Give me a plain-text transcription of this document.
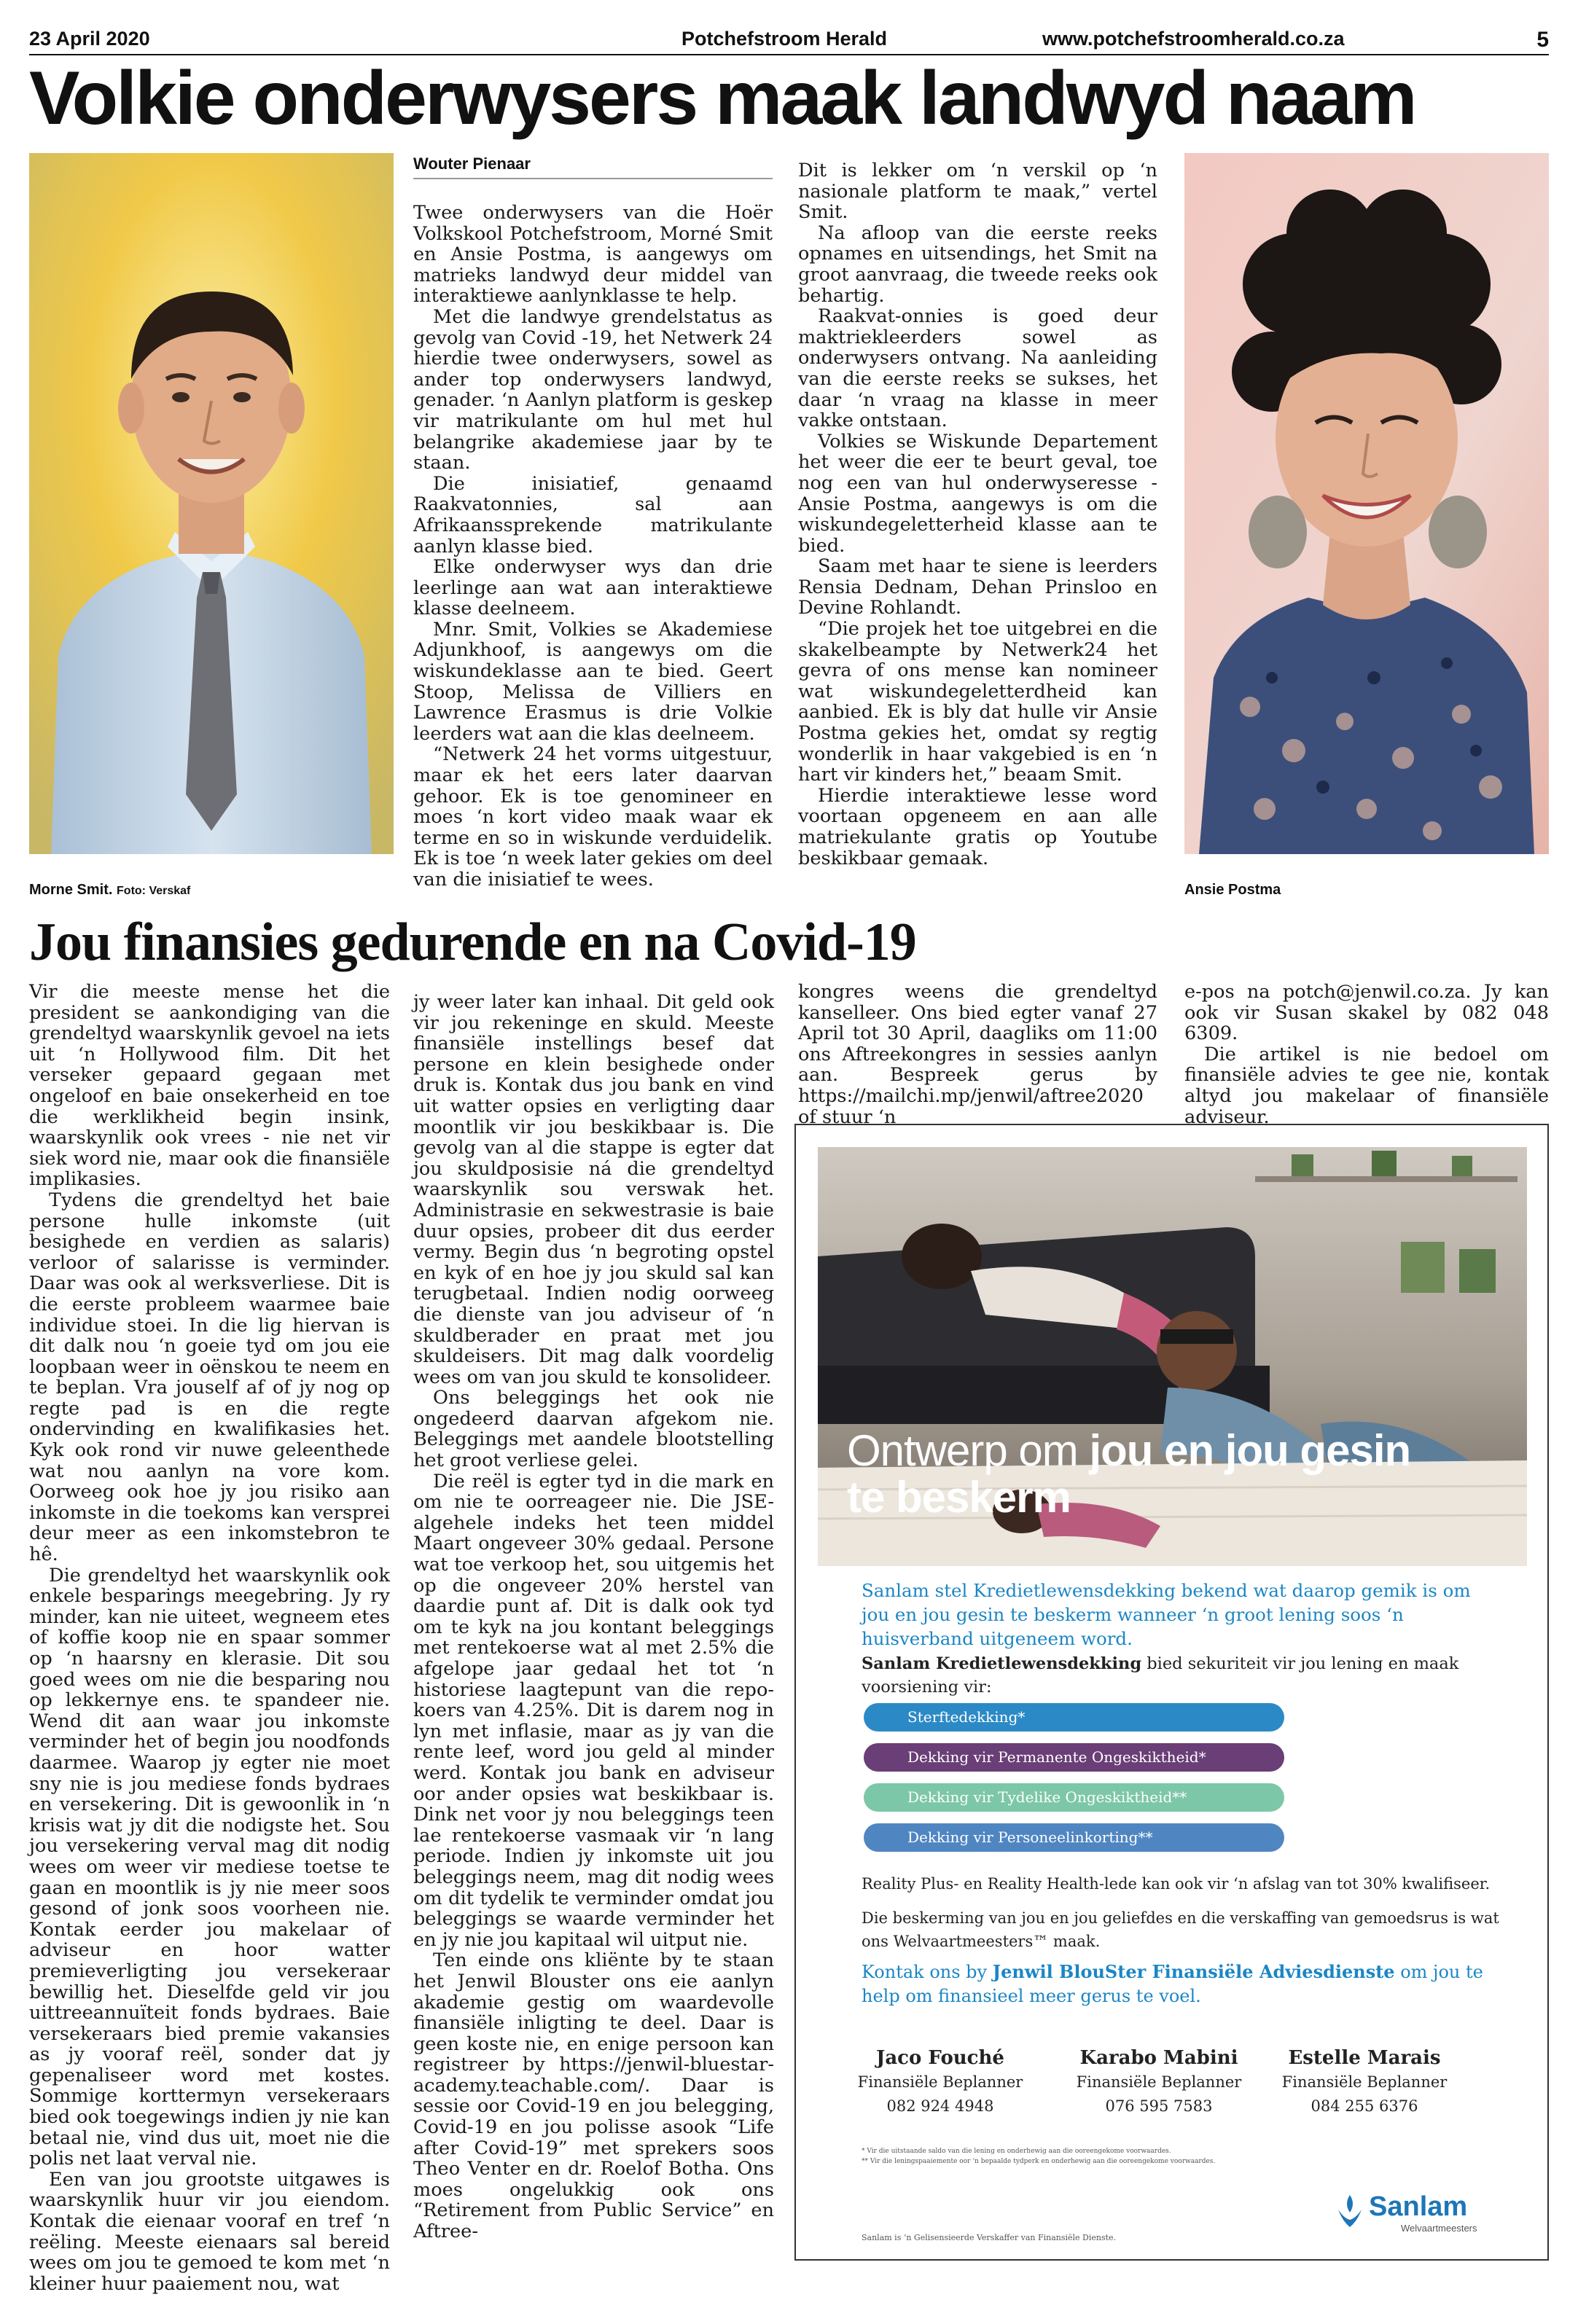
23 April 2020	Potchefstroom Herald	www.potchefstroomherald.co.za	5
Volkie onderwysers maak landwyd naam
Morne Smit. Foto: Verskaf
Wouter Pienaar

Twee onderwysers van die Hoër Volkskool Potchefstroom, Morné Smit en Ansie Postma, is aangewys om matrieks landwyd deur middel van interaktiewe aanlynklasse te help.

Met die landwye grendelstatus as gevolg van Covid -19, het Netwerk 24 hierdie twee onderwysers, sowel as ander top onderwysers landwyd, genader. ‘n Aanlyn platform is geskep vir matrikulante om hul met hul belangrike akademiese jaar by te staan.

Die inisiatief, genaamd Raakvatonnies, sal aan Afrikaanssprekende matrikulante aanlyn klasse bied.

Elke onderwyser wys dan drie leerlinge aan wat aan interaktiewe klasse deelneem.

Mnr. Smit, Volkies se Akademiese Adjunkhoof, is aangewys om die wiskundeklasse aan te bied. Geert Stoop, Melissa de Villiers en Lawrence Erasmus is drie Volkie leerders wat aan die klas deelneem.

“Netwerk 24 het vorms uitgestuur, maar ek het eers later daarvan gehoor. Ek is toe genomineer en moes ‘n kort video maak waar ek terme en so in wiskunde verduidelik. Ek is toe ‘n week later gekies om deel van die inisiatief te wees.

Dit is lekker om ‘n verskil op ‘n nasionale platform te maak,” vertel Smit.

Na afloop van die eerste reeks opnames en uitsendings, het Smit na groot aanvraag, die tweede reeks ook behartig.

Raakvat-onnies is goed deur maktriekleerders sowel as onderwysers ontvang. Na aanleiding van die eerste reeks se sukses, het daar ‘n vraag na klasse in meer vakke ontstaan.

Volkies se Wiskunde Departement het weer die eer te beurt geval, toe nog een van hul onderwyseresse - Ansie Postma, aangewys is om die wiskundegeletterheid klasse aan te bied.

Saam met haar te siene is leerders Rensia Dednam, Dehan Prinsloo en Devine Rohlandt.

“Die projek het toe uitgebrei en die skakelbeampte by Netwerk24 het gevra of ons mense kan nomineer wat wiskundegeletterdheid kan aanbied. Ek is bly dat hulle vir Ansie Postma gekies het, omdat sy regtig wonderlik in haar vakgebied is en ‘n hart vir kinders het,” beaam Smit.

Hierdie interaktiewe lesse word voortaan opgeneem en aan alle matriekulante gratis op Youtube beskikbaar gemaak.

Ansie Postma
Jou finansies gedurende en na Covid-19

Vir die meeste mense het die president se aankondiging van die grendeltyd waarskynlik gevoel na iets uit ‘n Hollywood film. Dit het verseker gepaard gegaan met ongeloof en baie onsekerheid en toe die werklikheid begin insink, waarskynlik ook vrees - nie net vir siek word nie, maar ook die finansiële implikasies.

Tydens die grendeltyd het baie persone hulle inkomste (uit besighede en verdien as salaris) verloor of salarisse is verminder. Daar was ook al werksverliese. Dit is die eerste probleem waarmee baie individue stoei. In die lig hiervan is dit dalk nou ‘n goeie tyd om jou eie loopbaan weer in oënskou te neem en te beplan. Vra jouself af of jy nog op regte pad is en die regte ondervinding en kwalifikasies het. Kyk ook rond vir nuwe geleenthede wat nou aanlyn na vore kom. Oorweeg ook hoe jy jou risiko aan inkomste in die toekoms kan versprei deur meer as een inkomstebron te hê.

Die grendeltyd het waarskynlik ook enkele besparings meegebring. Jy ry minder, kan nie uiteet, wegneem etes of koffie koop nie en spaar sommer op ‘n haarsny en klerasie. Dit sou goed wees om nie die besparing nou op lekkernye ens. te spandeer nie. Wend dit aan waar jou inkomste verminder het of begin jou noodfonds daarmee. Waarop jy egter nie moet sny nie is jou mediese fonds bydraes en versekering. Dit is gewoonlik in ‘n krisis wat jy dit die nodigste het. Sou jou versekering verval mag dit nodig wees om weer vir mediese toetse te gaan en moontlik is jy nie meer soos gesond of jonk soos voorheen nie. Kontak eerder jou makelaar of adviseur en hoor watter premieverligting jou versekeraar bewillig het. Dieselfde geld vir jou uittreeannuïteit fonds bydraes. Baie versekeraars bied premie vakansies as jy vooraf reël, sonder dat jy gepenaliseer word met kostes. Sommige korttermyn versekeraars bied ook toegewings indien jy nie kan betaal nie, vind dus uit, moet nie die polis net laat verval nie.

Een van jou grootste uitgawes is waarskynlik huur vir jou eiendom. Kontak die eienaar vooraf en tref ‘n reëling. Meeste eienaars sal bereid wees om jou te gemoed te kom met ‘n kleiner huur paaiement nou, wat

jy weer later kan inhaal. Dit geld ook vir jou rekeninge en skuld. Meeste finansiële instellings besef dat persone en klein besighede onder druk is. Kontak dus jou bank en vind uit watter opsies en verligting daar moontlik vir jou beskikbaar is. Die gevolg van al die stappe is egter dat jou skuldposisie ná die grendeltyd waarskynlik sou verswak het. Administrasie en sekwestrasie is baie duur opsies, probeer dit dus eerder vermy. Begin dus ‘n begroting opstel en kyk of en hoe jy jou skuld sal kan terugbetaal. Indien nodig oorweeg die dienste van jou adviseur of ‘n skuldberader en praat met jou skuldeisers. Dit mag dalk voordelig wees om van jou skuld te konsolideer.

Ons beleggings het ook nie ongedeerd daarvan afgekom nie. Beleggings met aandele blootstelling het groot verliese gelei.

Die reël is egter tyd in die mark en om nie te oorreageer nie. Die JSE-algehele indeks het teen middel Maart ongeveer 30% gedaal. Persone wat toe verkoop het, sou uitgemis het op die ongeveer 20% herstel van daardie punt af. Dit is dalk ook tyd om te kyk na jou kontant beleggings met rentekoerse wat al met 2.5% die afgelope jaar gedaal het tot ‘n historiese laagtepunt van die repo-koers van 4.25%. Dit is darem nog in lyn met inflasie, maar as jy van die rente leef, word jou geld al minder werd. Kontak jou bank en adviseur oor ander opsies wat beskikbaar is. Dink net voor jy nou beleggings teen lae rentekoerse vasmaak vir ‘n lang periode. Indien jy inkomste uit jou beleggings neem, mag dit nodig wees om dit tydelik te verminder omdat jou beleggings se waarde verminder het en jy nie jou kapitaal wil uitput nie.

Ten einde ons kliënte by te staan het Jenwil Blouster ons eie aanlyn akademie gestig om waardevolle finansiële inligting te deel. Daar is geen koste nie, en enige persoon kan registreer by https://jenwil-bluestar-academy.teachable.com/. Daar is sessie oor Covid-19 en jou belegging, Covid-19 en jou polisse asook “Life after Covid-19” met sprekers soos Theo Venter en dr. Roelof Botha. Ons moes ongelukkig ook ons “Retirement from Public Service” en Aftree-

kongres weens die grendeltyd kanselleer. Ons bied egter vanaf 27 April tot 30 April, daagliks om 11:00 ons Aftreekongres in sessies aanlyn aan. Bespreek gerus by https://mailchi.mp/jenwil/aftree2020 of stuur ‘n

e-pos na potch@jenwil.co.za. Jy kan ook vir Susan skakel by 082 048 6309.

Die artikel is nie bedoel om finansiële advies te gee nie, kontak altyd jou makelaar of finansiële adviseur.

Ontwerp om jou en jou gesin
te beskerm
Sanlam stel Kredietlewensdekking bekend wat daarop gemik is om jou en jou gesin te beskerm wanneer ‘n groot lening soos ‘n huisverband uitgeneem word.
Sanlam Kredietlewensdekking bied sekuriteit vir jou lening en maak voorsiening vir:
Sterftedekking*
Dekking vir Permanente Ongeskiktheid*
Dekking vir Tydelike Ongeskiktheid**
Dekking vir Personeelinkorting**
Reality Plus- en Reality Health-lede kan ook vir ‘n afslag van tot 30% kwalifiseer.
Die beskerming van jou en jou geliefdes en die verskaffing van gemoedsrus is wat ons Welvaartmeesters™ maak.
Kontak ons by Jenwil BlouSter Finansiële Adviesdienste om jou te help om finansieel meer gerus te voel.
Jaco Fouché
Finansiële Beplanner
082 924 4948
Karabo Mabini
Finansiële Beplanner
076 595 7583
Estelle Marais
Finansiële Beplanner
084 255 6376
* Vir die uitstaande saldo van die lening en onderhewig aan die ooreengekome voorwaardes.
** Vir die leningspaaiemente oor ‘n bepaalde tydperk en onderhewig aan die ooreengekome voorwaardes.
Sanlam is ‘n Gelisensieerde Verskaffer van Finansiële Dienste.
Sanlam
Welvaartmeesters
